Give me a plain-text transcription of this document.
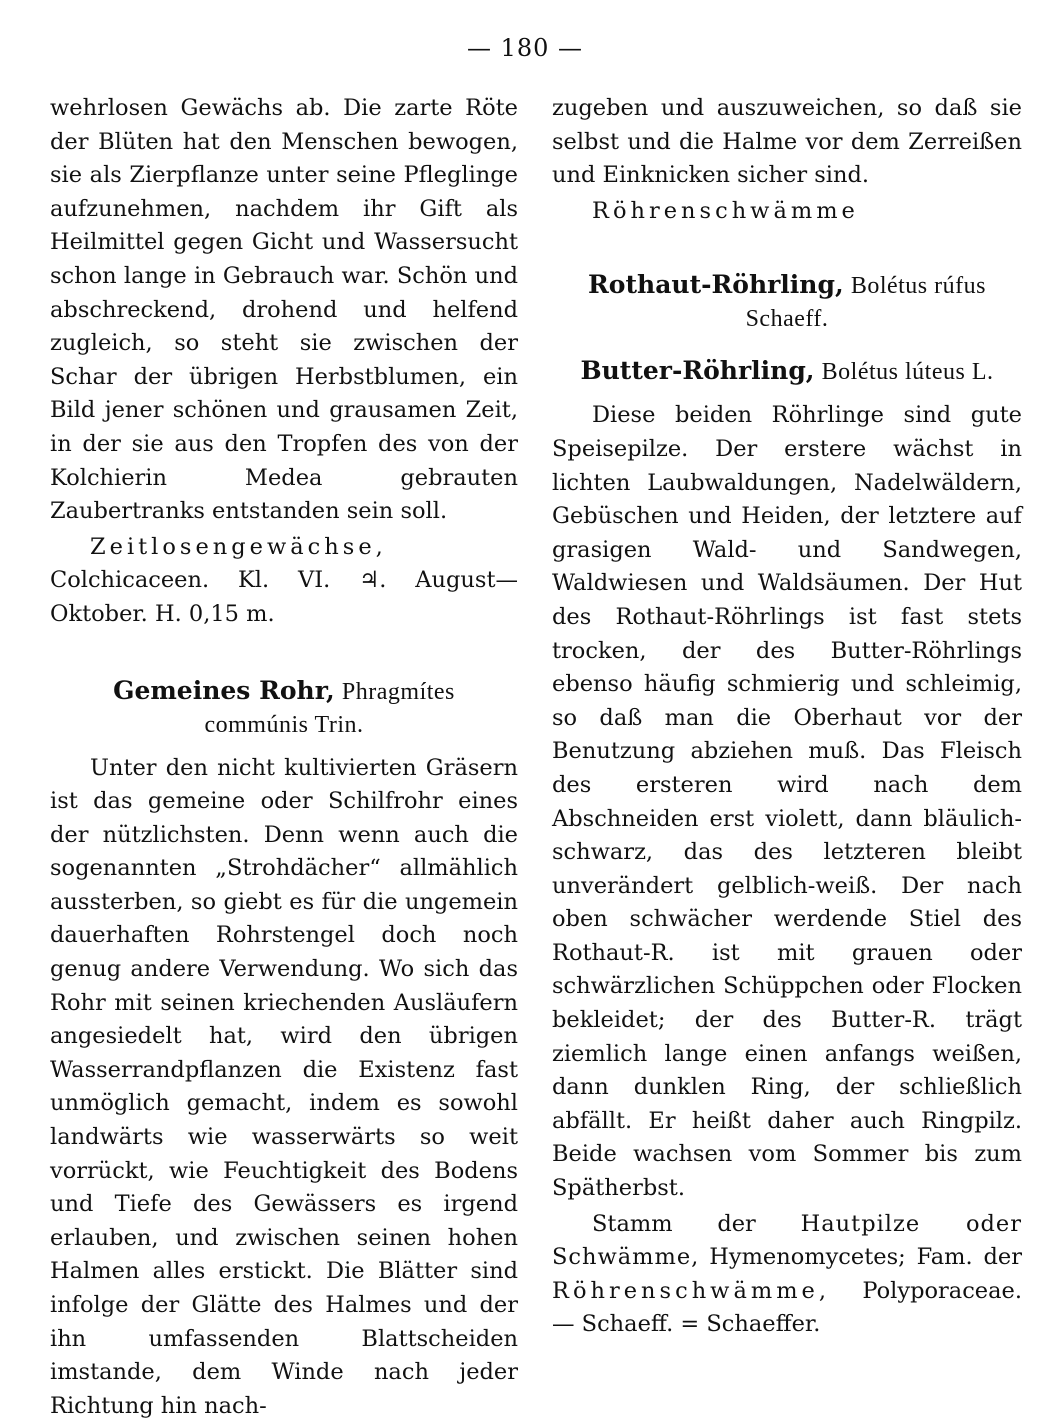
— 180 —

wehrlosen Gewächs ab. Die zarte Röte der Blüten hat den Menschen bewogen, sie als Zierpflanze unter seine Pfleglinge aufzunehmen, nachdem ihr Gift als Heilmittel gegen Gicht und Wassersucht schon lange in Gebrauch war. Schön und abschreckend, drohend und helfend zugleich, so steht sie zwischen der Schar der übrigen Herbstblumen, ein Bild jener schönen und grausamen Zeit, in der sie aus den Tropfen des von der Kolchierin Medea gebrauten Zaubertranks entstanden sein soll.

Zeitlosengewächse, Colchicaceen. Kl. VI. ♃. August—Oktober. H. 0,15 m.

Gemeines Rohr, Phragmítes
commúnis Trin.

Unter den nicht kultivierten Gräsern ist das gemeine oder Schilfrohr eines der nützlichsten. Denn wenn auch die sogenannten „Strohdächer“ allmählich aussterben, so giebt es für die ungemein dauerhaften Rohrstengel doch noch genug andere Verwendung. Wo sich das Rohr mit seinen kriechenden Ausläufern angesiedelt hat, wird den übrigen Wasserrandpflanzen die Existenz fast unmöglich gemacht, indem es sowohl landwärts wie wasserwärts so weit vorrückt, wie Feuchtigkeit des Bodens und Tiefe des Gewässers es irgend erlauben, und zwischen seinen hohen Halmen alles erstickt. Die Blätter sind infolge der Glätte des Halmes und der ihn umfassenden Blattscheiden imstande, dem Winde nach jeder Richtung hin nach-

zugeben und auszuweichen, so daß sie selbst und die Halme vor dem Zerreißen und Einknicken sicher sind.

Röhrenschwämme

Rothaut-Röhrling, Bolétus rúfus
Schaeff.
Butter-Röhrling, Bolétus lúteus L.

Diese beiden Röhrlinge sind gute Speisepilze. Der erstere wächst in lichten Laubwaldungen, Nadelwäldern, Gebüschen und Heiden, der letztere auf grasigen Wald- und Sandwegen, Waldwiesen und Waldsäumen. Der Hut des Rothaut-Röhrlings ist fast stets trocken, der des Butter-Röhrlings ebenso häufig schmierig und schleimig, so daß man die Oberhaut vor der Benutzung abziehen muß. Das Fleisch des ersteren wird nach dem Abschneiden erst violett, dann bläulich-schwarz, das des letzteren bleibt unverändert gelblich-weiß. Der nach oben schwächer werdende Stiel des Rothaut-R. ist mit grauen oder schwärzlichen Schüppchen oder Flocken bekleidet; der des Butter-R. trägt ziemlich lange einen anfangs weißen, dann dunklen Ring, der schließlich abfällt. Er heißt daher auch Ringpilz. Beide wachsen vom Sommer bis zum Spätherbst.

Stamm der Hautpilze oder Schwämme, Hymenomycetes; Fam. der Röhrenschwämme, Polyporaceae. — Schaeff. = Schaeffer.
